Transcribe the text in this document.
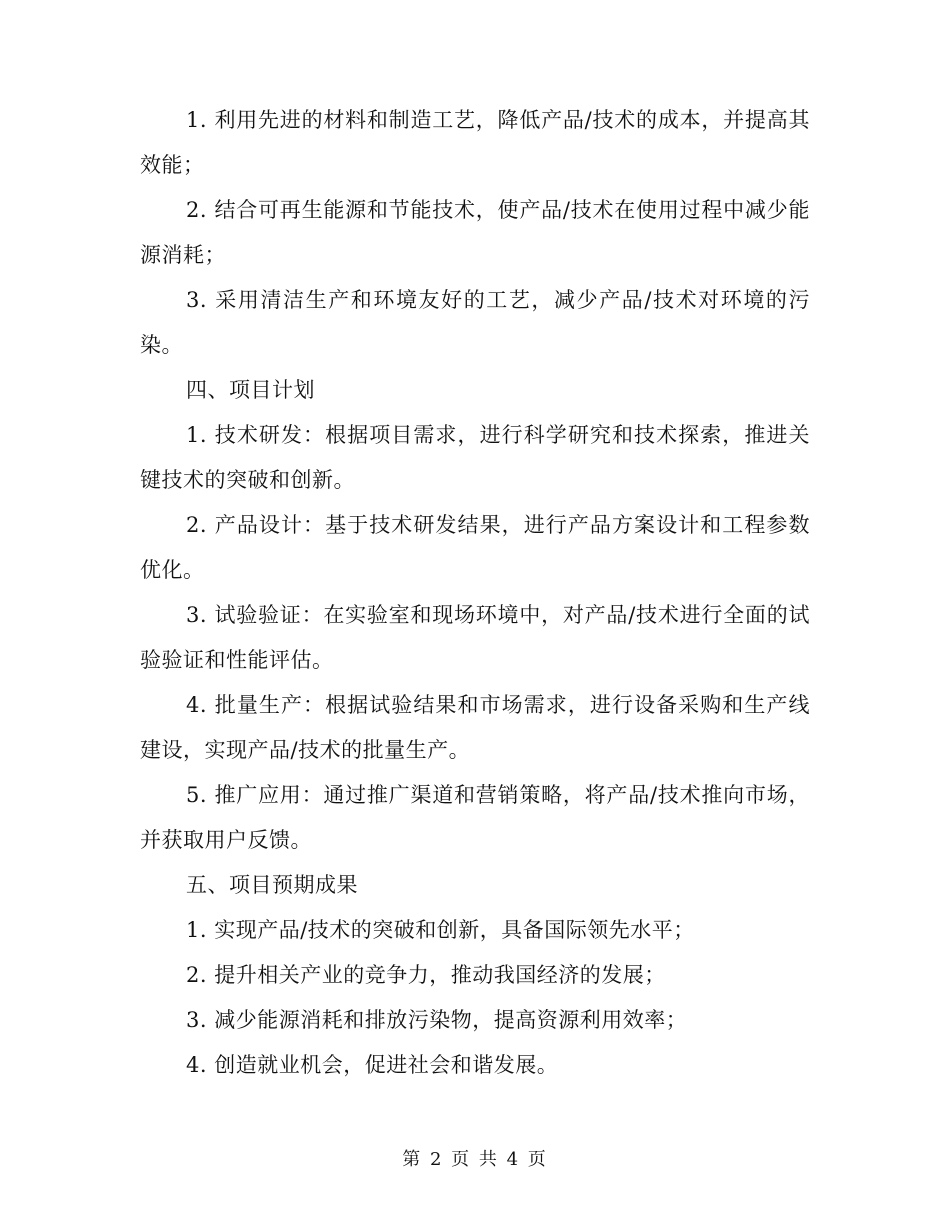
1. 利用先进的材料和制造工艺，降低产品/技术的成本，并提高其效能；

2. 结合可再生能源和节能技术，使产品/技术在使用过程中减少能源消耗；

3. 采用清洁生产和环境友好的工艺，减少产品/技术对环境的污染。

四、项目计划

1. 技术研发：根据项目需求，进行科学研究和技术探索，推进关键技术的突破和创新。

2. 产品设计：基于技术研发结果，进行产品方案设计和工程参数优化。

3. 试验验证：在实验室和现场环境中，对产品/技术进行全面的试验验证和性能评估。

4. 批量生产：根据试验结果和市场需求，进行设备采购和生产线建设，实现产品/技术的批量生产。

5. 推广应用：通过推广渠道和营销策略，将产品/技术推向市场，并获取用户反馈。

五、项目预期成果

1. 实现产品/技术的突破和创新，具备国际领先水平；

2. 提升相关产业的竞争力，推动我国经济的发展；

3. 减少能源消耗和排放污染物，提高资源利用效率；

4. 创造就业机会，促进社会和谐发展。

第 2 页 共 4 页
